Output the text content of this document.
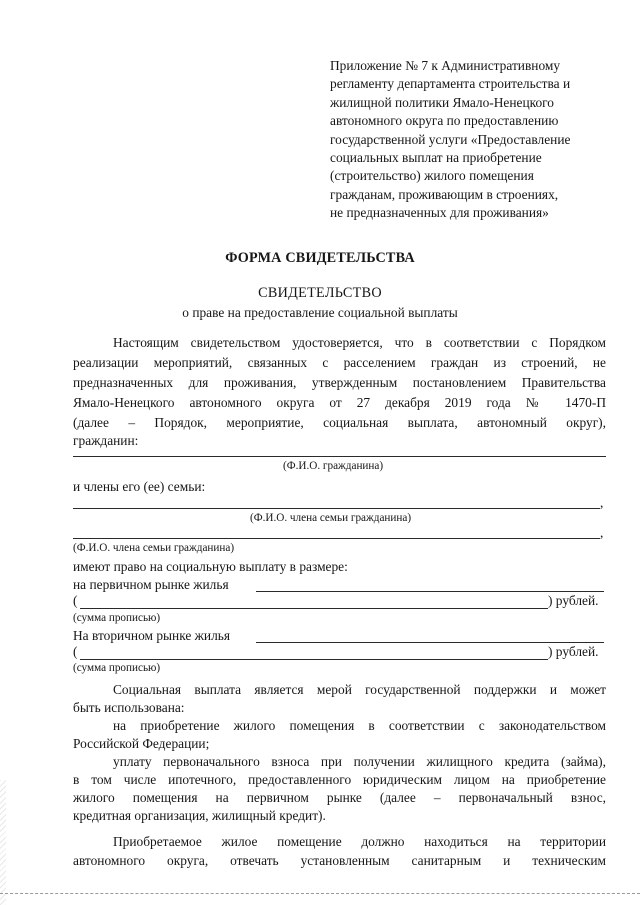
Приложение № 7 к Административному
регламенту департамента строительства и
жилищной политики Ямало-Ненецкого
автономного округа по предоставлению
государственной услуги «Предоставление
социальных выплат на приобретение
(строительство) жилого помещения
гражданам, проживающим в строениях,
не предназначенных для проживания»
ФОРМА СВИДЕТЕЛЬСТВА
СВИДЕТЕЛЬСТВО
о праве на предоставление социальной выплаты
Настоящим свидетельством удостоверяется, что в соответствии с Порядком
реализации мероприятий, связанных с расселением граждан из строений, не
предназначенных для проживания, утвержденным постановлением Правительства
Ямало-Ненецкого автономного округа от 27 декабря 2019 года № 1470-П
(далее – Порядок, мероприятие, социальная выплата, автономный округ),
гражданин:
(Ф.И.О. гражданина)
и члены его (ее) семьи:
,
(Ф.И.О. члена семьи гражданина)
,
(Ф.И.О. члена семьи гражданина)
имеют право на социальную выплату в размере:
на первичном рынке жилья
(	) рублей.
(сумма прописью)
На вторичном рынке жилья
(	) рублей.
(сумма прописью)
Социальная выплата является мерой государственной поддержки и может
быть использована:
на приобретение жилого помещения в соответствии с законодательством
Российской Федерации;
уплату первоначального взноса при получении жилищного кредита (займа),
в том числе ипотечного, предоставленного юридическим лицом на приобретение
жилого помещения на первичном рынке (далее – первоначальный взнос,
кредитная организация, жилищный кредит).
Приобретаемое жилое помещение должно находиться на территории
автономного округа, отвечать установленным санитарным и техническим
